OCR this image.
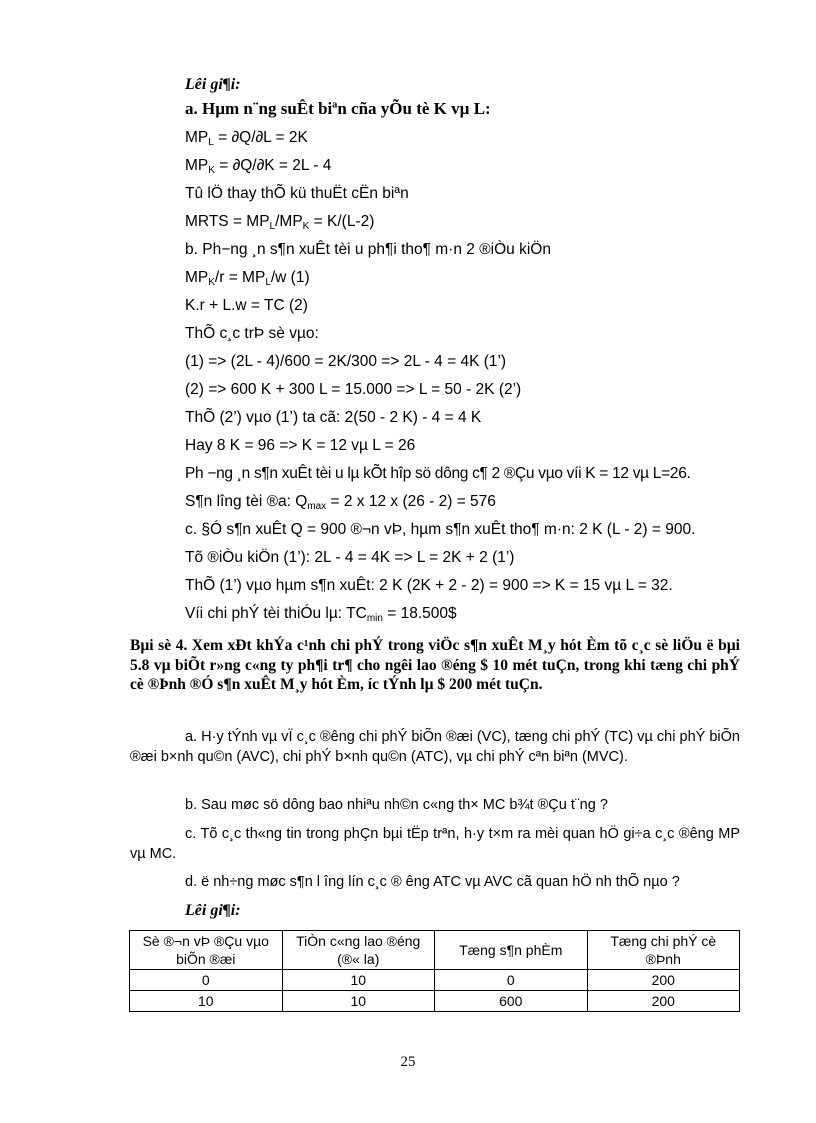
Lêi gi¶i:
a. Hµm n¨ng suÊt biªn cña yÕu tè K vµ L:
$MP_L = \partial Q/\partial L = 2K$
$MP_K = \partial Q/\partial K = 2L - 4$
Tû lÖ thay thÕ kü thuËt cËn biªn
MRTS = $MP_L/MP_K = K/(L-2)$
b. Ph−ng ¸n s¶n xuÊt tèi u ph¶i tho¶ m·n 2 ®iÒu kiÖn
$MP_K/r = MP_L/w$ (1)
K.r + L.w = TC (2)
ThÕ c¸c trÞ sè vµo:
(1) => (2L - 4)/600 = 2K/300 => 2L - 4 = 4K (1’)
(2) => 600 K + 300 L = 15.000 => L = 50 - 2K (2’)
ThÕ (2’) vµo (1’) ta cã: 2(50 - 2 K) - 4 = 4 K
Hay 8 K = 96 => K = 12 vµ L = 26
Ph −ng ¸n s¶n xuÊt tèi u lµ kÕt hîp sö dông c¶ 2 ®Çu vµo víi K = 12 vµ L=26.
S¶n lîng tèi ®a: $Q_{max} = 2$ x 12 x (26 - 2) = 576
c. §Ó s¶n xuÊt Q = 900 ®¬n vÞ, hµm s¶n xuÊt tho¶ m·n: 2 K (L - 2) = 900.
Tõ ®iÒu kiÖn (1’): 2L - 4 = 4K => L = 2K + 2 (1’)
ThÕ (1’) vµo hµm s¶n xuÊt: 2 K (2K + 2 - 2) = 900 => K = 15 vµ L = 32.
Víi chi phÝ tèi thiÓu lµ: $TC_{min}$ = 18.500$
Bµi sè 4. Xem xÐt khÝa c¹nh chi phÝ trong viÖc s¶n xuÊt M¸y hót Èm tõ c¸c sè liÖu ë bµi 5.8 vµ biÕt r»ng c«ng ty ph¶i tr¶ cho ngêi lao ®éng $ 10 mét tuÇn, trong khi tæng chi phÝ cè ®Þnh ®Ó s¶n xuÊt M¸y hót Èm, íc tÝnh lµ $ 200 mét tuÇn.
a. H·y tÝnh vµ vÏ c¸c ®êng chi phÝ biÕn ®æi (VC), tæng chi phÝ (TC) vµ chi phÝ biÕn ®æi b×nh qu©n (AVC), chi phÝ b×nh qu©n (ATC), vµ chi phÝ cªn biªn (MVC).
b. Sau møc sö dông bao nhiªu nh©n c«ng th× MC b¾t ®Çu t¨ng ?
c. Tõ c¸c th«ng tin trong phÇn bµi tËp trªn, h·y t×m ra mèi quan hÖ gi÷a c¸c ®êng MP vµ MC.
d. ë nh÷ng møc s¶n l îng lín c¸c ® êng ATC vµ AVC cã quan hÖ nh thÕ nµo ?
Lêi gi¶i:
Sè ®¬n vÞ ®Çu vµo biÕn ®æi	TiÒn c«ng lao ®éng (®« la)	Tæng s¶n phÈm	Tæng chi phÝ cè ®Þnh
0	10	0	200
10	10	600	200
25
